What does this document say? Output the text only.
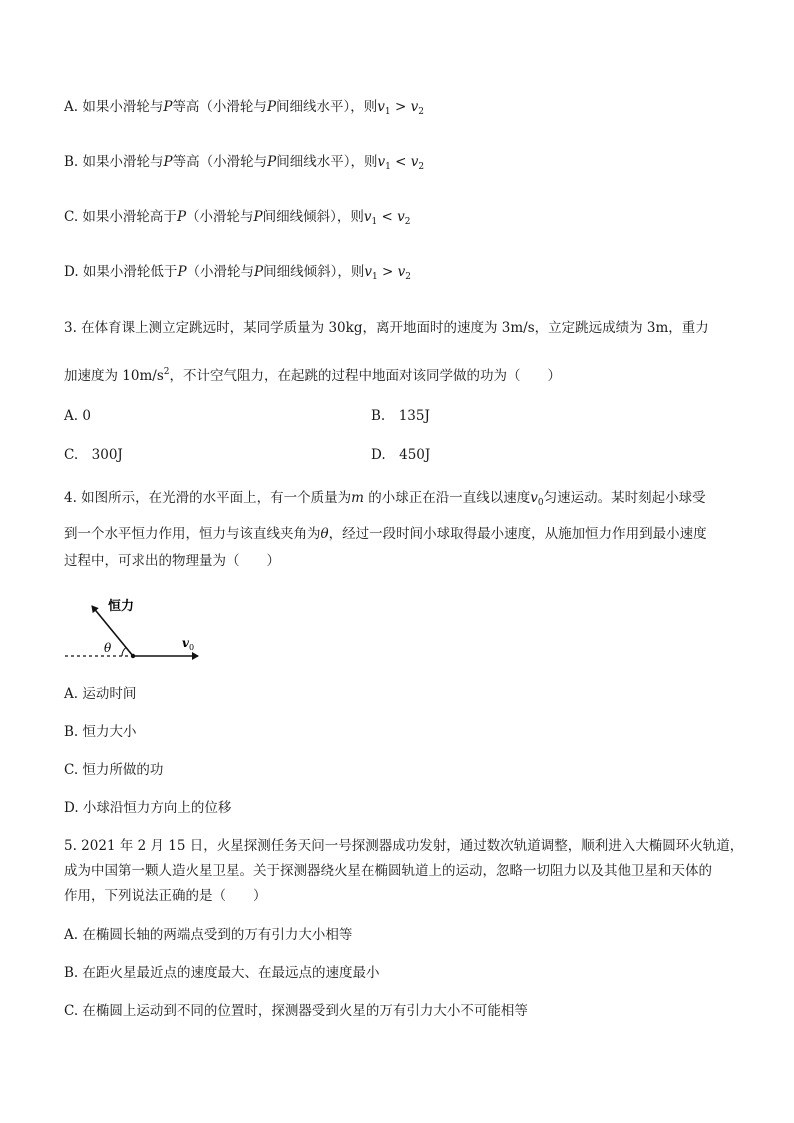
A. 如果小滑轮与P等高（小滑轮与P间细线水平），则$v_1 > v_2$
B. 如果小滑轮与P等高（小滑轮与P间细线水平），则$v_1 < v_2$
C. 如果小滑轮高于P（小滑轮与P间细线倾斜），则$v_1 < v_2$
D. 如果小滑轮低于P（小滑轮与P间细线倾斜），则$v_1 > v_2$
3. 在体育课上测立定跳远时，某同学质量为 30kg，离开地面时的速度为 3m/s，立定跳远成绩为 3m，重力
加速度为 $10m/s^2$，不计空气阻力，在起跳的过程中地面对该同学做的功为（　　）
A. 0	B.　135J
C.　300J	D.　450J
4. 如图所示，在光滑的水平面上，有一个质量为m 的小球正在沿一直线以速度$v_0$匀速运动。某时刻起小球受
到一个水平恒力作用，恒力与该直线夹角为θ，经过一段时间小球取得最小速度，从施加恒力作用到最小速度
过程中，可求出的物理量为（　　）
恒力
θ	v 0
A. 运动时间
B. 恒力大小
C. 恒力所做的功
D. 小球沿恒力方向上的位移
5. 2021 年 2 月 15 日，火星探测任务天问一号探测器成功发射，通过数次轨道调整，顺利进入大椭圆环火轨道，
成为中国第一颗人造火星卫星。关于探测器绕火星在椭圆轨道上的运动，忽略一切阻力以及其他卫星和天体的
作用，下列说法正确的是（　　）
A. 在椭圆长轴的两端点受到的万有引力大小相等
B. 在距火星最近点的速度最大、在最远点的速度最小
C. 在椭圆上运动到不同的位置时，探测器受到火星的万有引力大小不可能相等
